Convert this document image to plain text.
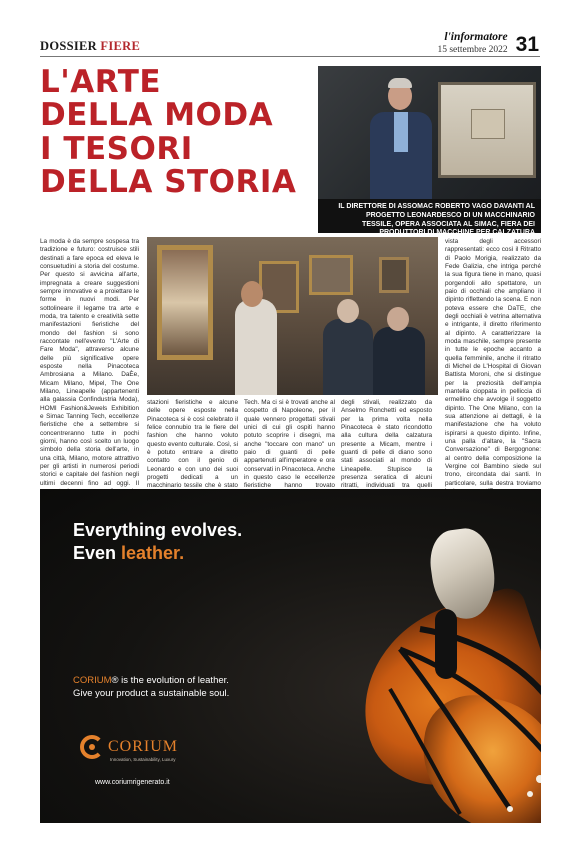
DOSSIER FIERE
l'informatore
15 settembre 2022 31
L'ARTE
DELLA MODA
I TESORI
DELLA STORIA
IL DIRETTORE DI ASSOMAC ROBERTO VAGO DAVANTI AL PROGETTO LEONARDESCO DI UN MACCHINARIO TESSILE, OPERA ASSOCIATA AL SIMAC, FIERA DEI PRODUTTORI DI MACCHINE PER CALZATURA

La moda è da sempre sospesa tra tradizione e futuro: costruisce stili destinati a fare epoca ed eleva le consuetudini a storia del costume. Per questo si avvicina all'arte, impregnata a creare suggestioni sempre innovative e a proiettare le forme in nuovi modi. Per sottolineare il legame tra arte e moda, tra talento e creatività sette manifestazioni fieristiche del mondo del fashion si sono raccontate nell'evento "L'Arte di Fare Moda", attraverso alcune delle più significative opere esposte nella Pinacoteca Ambrosiana a Milano. DaÈe, Micam Milano, Mipel, The One Milano, Lineapelle (appartenenti alla galassia Confindustria Moda), HOMI Fashion&Jewels Exhibition e Simac Tanning Tech, eccellenze fieristiche che a settembre si concentreranno tutte in pochi giorni, hanno così scelto un luogo simbolo della storia dell'arte, in una città, Milano, motore attrattivo per gli artisti in numerosi periodi storici e capitale del fashion negli ultimi decenni fino ad oggi. Il

stazioni fieristiche e alcune delle opere esposte nella Pinacoteca si è così celebrato il felice connubio tra le fiere del fashion che hanno voluto questo evento culturale. Così, si è potuto entrare a diretto contatto con il genio di Leonardo e con uno dei suoi progetti dedicati a un macchinario tessile che è stato

Tech. Ma ci si è trovati anche al cospetto di Napoleone, per il quale vennero progettati stivali unici di cui gli ospiti hanno potuto scoprire i disegni, ma anche "toccare con mano" un paio di guanti di pelle appartenuti all'imperatore e ora conservati in Pinacoteca. Anche in questo caso le eccellenze fieristiche hanno trovato

degli stivali, realizzato da Anselmo Ronchetti ed esposto per la prima volta nella Pinacoteca è stato ricondotto alla cultura della calzatura presente a Micam, mentre i guanti di pelle di diano sono stati associati al mondo di Lineapelle. Stupisce la presenza seratica di alcuni ritratti, individuati tra quelli

vista degli accessori rappresentati: ecco così il Ritratto di Paolo Morigia, realizzato da Fede Galizia, che intriga perché la sua figura tiene in mano, quasi porgendoli allo spettatore, un paio di occhiali che ampliano il dipinto riflettendo la scena. E non potevа essere che DaTE, che degli occhiali è vetrina alternativa e intrigante, il diretto riferimento al dipinto. A caratterizzare la moda maschile, sempre presente in tutte le epoche accanto a quella femminile, anche il ritratto di Michel de L'Hospital di Giovan Battista Moroni, che si distingue per la preziosità dell'ampia mantella cioppata in pelliccia di ermellino che avvolge il soggetto dipinto. The One Milano, con la sua attenzione ai dettagli, è la manifestazione che ha voluto ispirarsi a questo dipinto. Infine, una palla d'altare, la "Sacra Conversazione" di Bergognone: al centro della composizione la Vergine col Bambino siede sul trono, circondata dai santi. In particolare, sulla destra troviamo

Everything evolves.
Even leather.
CORIUM® is the evolution of leather.
Give your product a sustainable soul.
CORIUM
Innovation, Sustainability, Luxury
www.coriumrigenerato.it
